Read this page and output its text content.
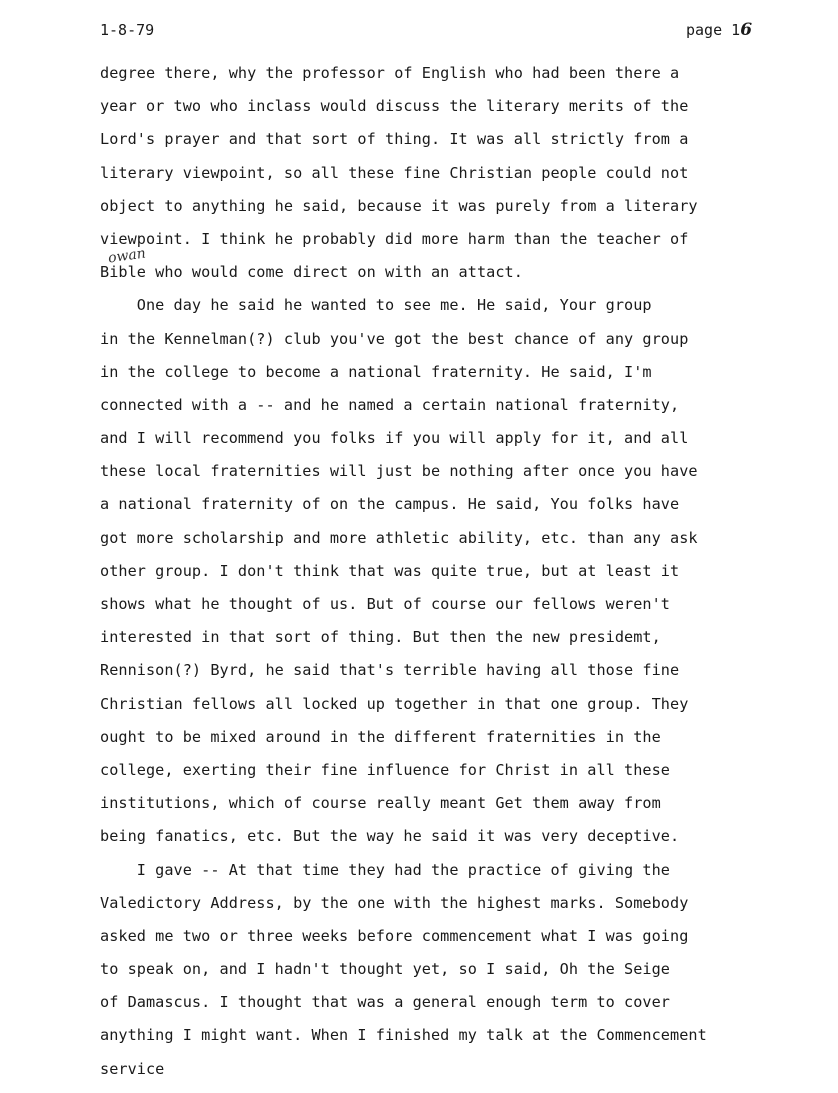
1-8-79	page 16
owan
degree there, why the professor of English who had been there a
year or two who inclass would discuss the literary merits of the
Lord's prayer and that sort of thing. It was all strictly from a
literary viewpoint, so all these fine Christian people could not
object to anything he said, because it was purely from a literary
viewpoint. I think he probably did more harm than the teacher of
Bible who would come direct on with an attact.
One day he said he wanted to see me. He said, Your group
in the Kennelman(?) club you've got the best chance of any group
in the college to become a national fraternity. He said, I'm
connected with a -- and he named a certain national fraternity,
and I will recommend you folks if you will apply for it, and all
these local fraternities will just be nothing after once you have
a national fraternity of on the campus. He said, You folks have
got more scholarship and more athletic ability, etc. than any ask
other group. I don't think that was quite true, but at least it
shows what he thought of us. But of course our fellows weren't
interested in that sort of thing. But then the new presidemt,
Rennison(?) Byrd, he said that's terrible having all those fine
Christian fellows all locked up together in that one group. They
ought to be mixed around in the different fraternities in the
college, exerting their fine influence for Christ in all these
institutions, which of course really meant Get them away from
being fanatics, etc. But the way he said it was very deceptive.
I gave -- At that time they had the practice of giving the
Valedictory Address, by the one with the highest marks. Somebody
asked me two or three weeks before commencement what I was going
to speak on, and I hadn't thought yet, so I said, Oh the Seige
of Damascus. I thought that was a general enough term to cover
anything I might want. When I finished my talk at the Commencement
service
